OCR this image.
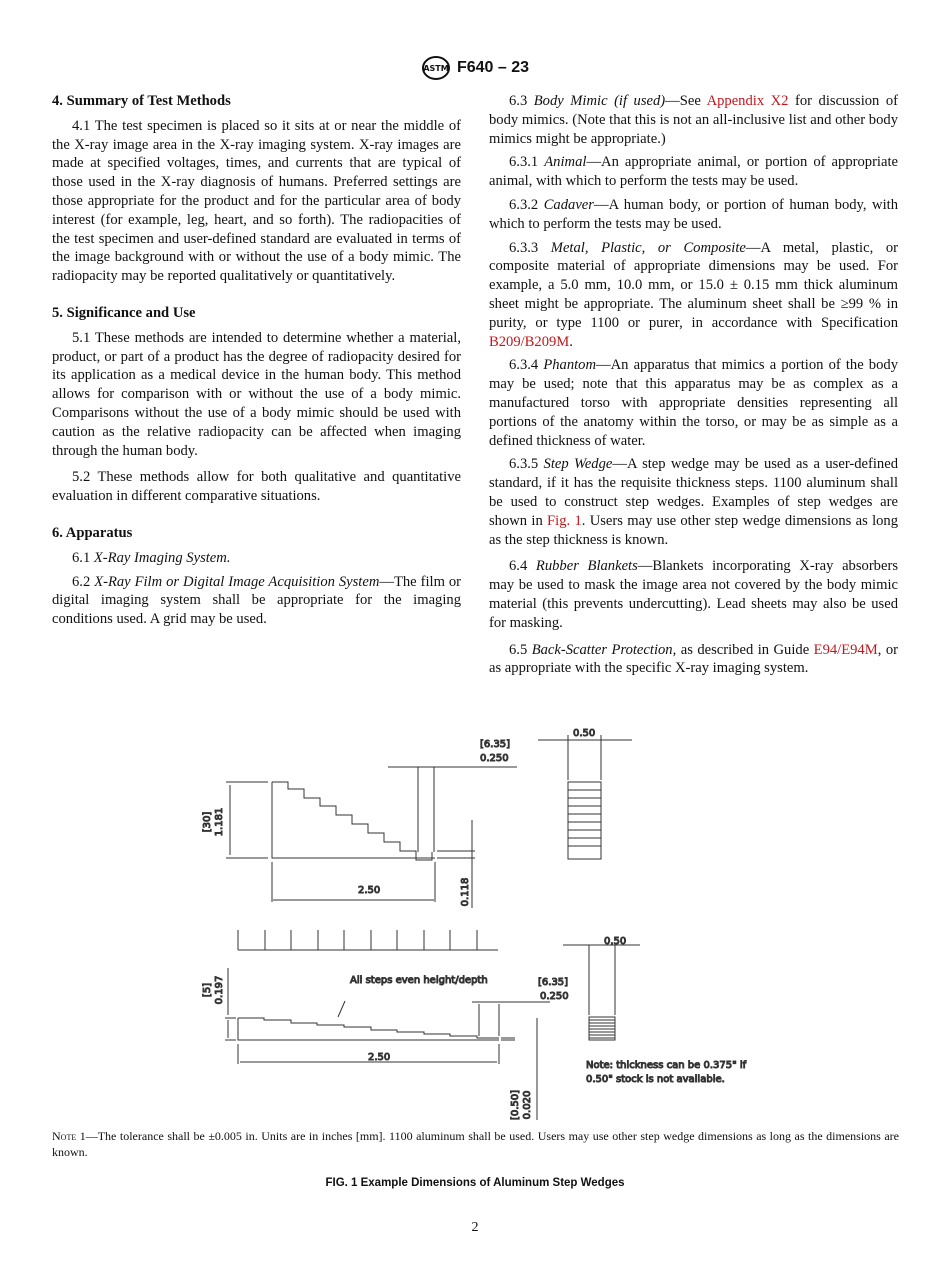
ASTM F640 – 23
4. Summary of Test Methods

4.1 The test specimen is placed so it sits at or near the middle of the X-ray image area in the X-ray imaging system. X-ray images are made at specified voltages, times, and currents that are typical of those used in the X-ray diagnosis of humans. Preferred settings are those appropriate for the product and for the particular area of body interest (for example, leg, heart, and so forth). The radiopacities of the test specimen and user-defined standard are evaluated in terms of the image background with or without the use of a body mimic. The radiopacity may be reported qualitatively or quantitatively.

5. Significance and Use

5.1 These methods are intended to determine whether a material, product, or part of a product has the degree of radiopacity desired for its application as a medical device in the human body. This method allows for comparison with or without the use of a body mimic. Comparisons without the use of a body mimic should be used with caution as the relative radiopacity can be affected when imaging through the human body.

5.2 These methods allow for both qualitative and quantitative evaluation in different comparative situations.

6. Apparatus

6.1 X-Ray Imaging System.

6.2 X-Ray Film or Digital Image Acquisition System—The film or digital imaging system shall be appropriate for the imaging conditions used. A grid may be used.

6.3 Body Mimic (if used)—See Appendix X2 for discussion of body mimics. (Note that this is not an all-inclusive list and other body mimics might be appropriate.)

6.3.1 Animal—An appropriate animal, or portion of appropriate animal, with which to perform the tests may be used.

6.3.2 Cadaver—A human body, or portion of human body, with which to perform the tests may be used.

6.3.3 Metal, Plastic, or Composite—A metal, plastic, or composite material of appropriate dimensions may be used. For example, a 5.0 mm, 10.0 mm, or 15.0 ± 0.15 mm thick aluminum sheet might be appropriate. The aluminum sheet shall be ≥99 % in purity, or type 1100 or purer, in accordance with Specification B209/B209M.

6.3.4 Phantom—An apparatus that mimics a portion of the body may be used; note that this apparatus may be as complex as a manufactured torso with appropriate densities representing all portions of the anatomy within the torso, or may be as simple as a defined thickness of water.

6.3.5 Step Wedge—A step wedge may be used as a user-defined standard, if it has the requisite thickness steps. 1100 aluminum shall be used to construct step wedges. Examples of step wedges are shown in Fig. 1. Users may use other step wedge dimensions as long as the step thickness is known.

6.4 Rubber Blankets—Blankets incorporating X-ray absorbers may be used to mask the image area not covered by the body mimic material (this prevents undercutting). Lead sheets may also be used for masking.

6.5 Back-Scatter Protection, as described in Guide E94/E94M, or as appropriate with the specific X-ray imaging system.

2.50
[30] 1.181
0.118
[6.35]
0.250
0.50
All steps even height/depth
2.50
[5] 0.197
[0.50] 0.020
[6.35]
0.250
0.50
Note: thickness can be 0.375" if
0.50" stock is not available.
Note 1—The tolerance shall be ±0.005 in. Units are in inches [mm]. 1100 aluminum shall be used. Users may use other step wedge dimensions as long as the dimensions are known.
FIG. 1 Example Dimensions of Aluminum Step Wedges
2
